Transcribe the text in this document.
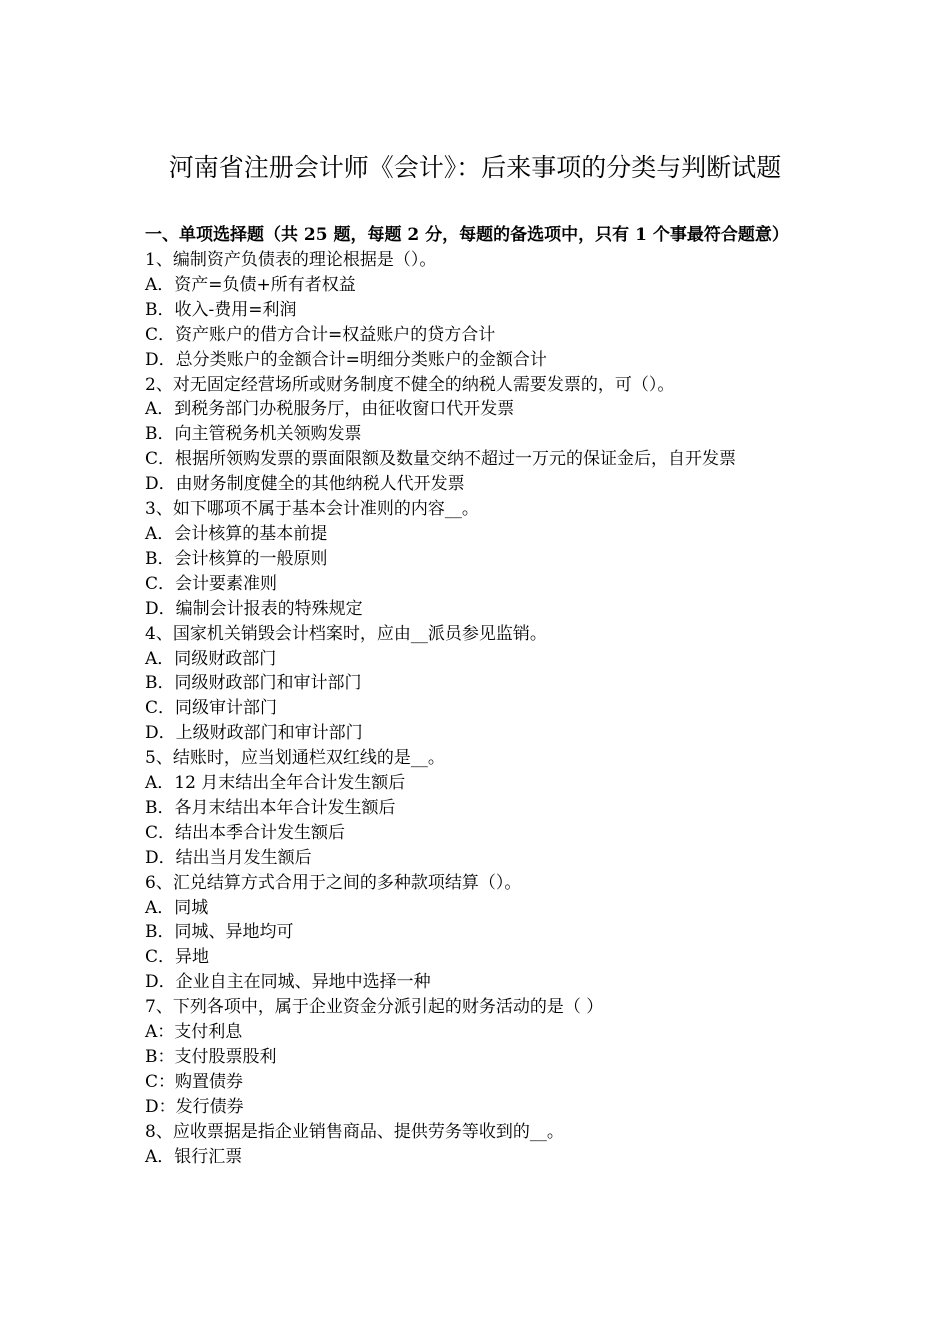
河南省注册会计师《会计》：后来事项的分类与判断试题

一、单项选择题（共 25 题，每题 2 分，每题的备选项中，只有 1 个事最符合题意）

1、编制资产负债表的理论根据是（）。

A．资产=负债+所有者权益

B．收入-费用=利润

C．资产账户的借方合计=权益账户的贷方合计

D．总分类账户的金额合计=明细分类账户的金额合计

2、对无固定经营场所或财务制度不健全的纳税人需要发票的，可（）。

A．到税务部门办税服务厅，由征收窗口代开发票

B．向主管税务机关领购发票

C．根据所领购发票的票面限额及数量交纳不超过一万元的保证金后，自开发票

D．由财务制度健全的其他纳税人代开发票

3、如下哪项不属于基本会计准则的内容__。

A．会计核算的基本前提

B．会计核算的一般原则

C．会计要素准则

D．编制会计报表的特殊规定

4、国家机关销毁会计档案时，应由__派员参见监销。

A．同级财政部门

B．同级财政部门和审计部门

C．同级审计部门

D．上级财政部门和审计部门

5、结账时，应当划通栏双红线的是__。

A．12 月末结出全年合计发生额后

B．各月末结出本年合计发生额后

C．结出本季合计发生额后

D．结出当月发生额后

6、汇兑结算方式合用于之间的多种款项结算（）。

A．同城

B．同城、异地均可

C．异地

D．企业自主在同城、异地中选择一种

7、下列各项中，属于企业资金分派引起的财务活动的是（ ）

A：支付利息

B：支付股票股利

C：购置债券

D：发行债券

8、应收票据是指企业销售商品、提供劳务等收到的__。

A．银行汇票
